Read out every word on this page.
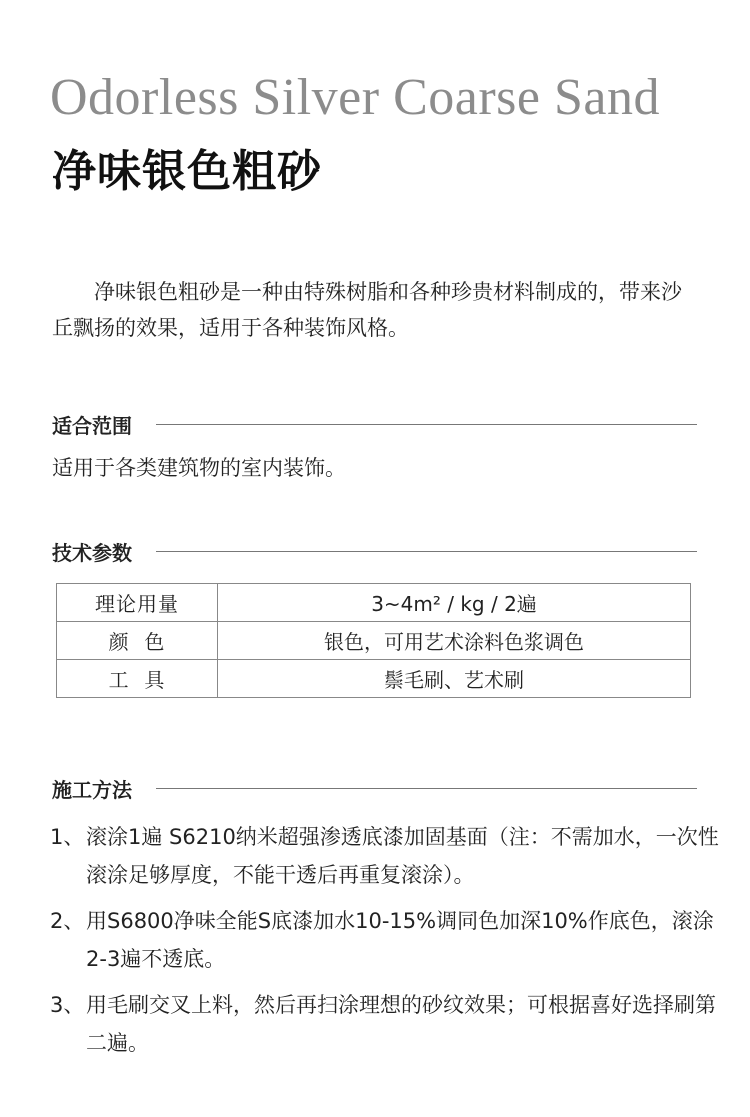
Odorless Silver Coarse Sand
净味银色粗砂
净味银色粗砂是一种由特殊树脂和各种珍贵材料制成的，带来沙丘飘扬的效果，适用于各种装饰风格。
适合范围
适用于各类建筑物的室内装饰。
技术参数
理论用量	3~4m² / kg / 2遍
颜  色	银色，可用艺术涂料色浆调色
工  具	鬃毛刷、艺术刷
施工方法
1、 滚涂1遍 S6210纳米超强渗透底漆加固基面（注：不需加水，一次性滚涂足够厚度，不能干透后再重复滚涂）。
2、 用S6800净味全能S底漆加水10-15%调同色加深10%作底色，滚涂2-3遍不透底。
3、 用毛刷交叉上料，然后再扫涂理想的砂纹效果；可根据喜好选择刷第二遍。
